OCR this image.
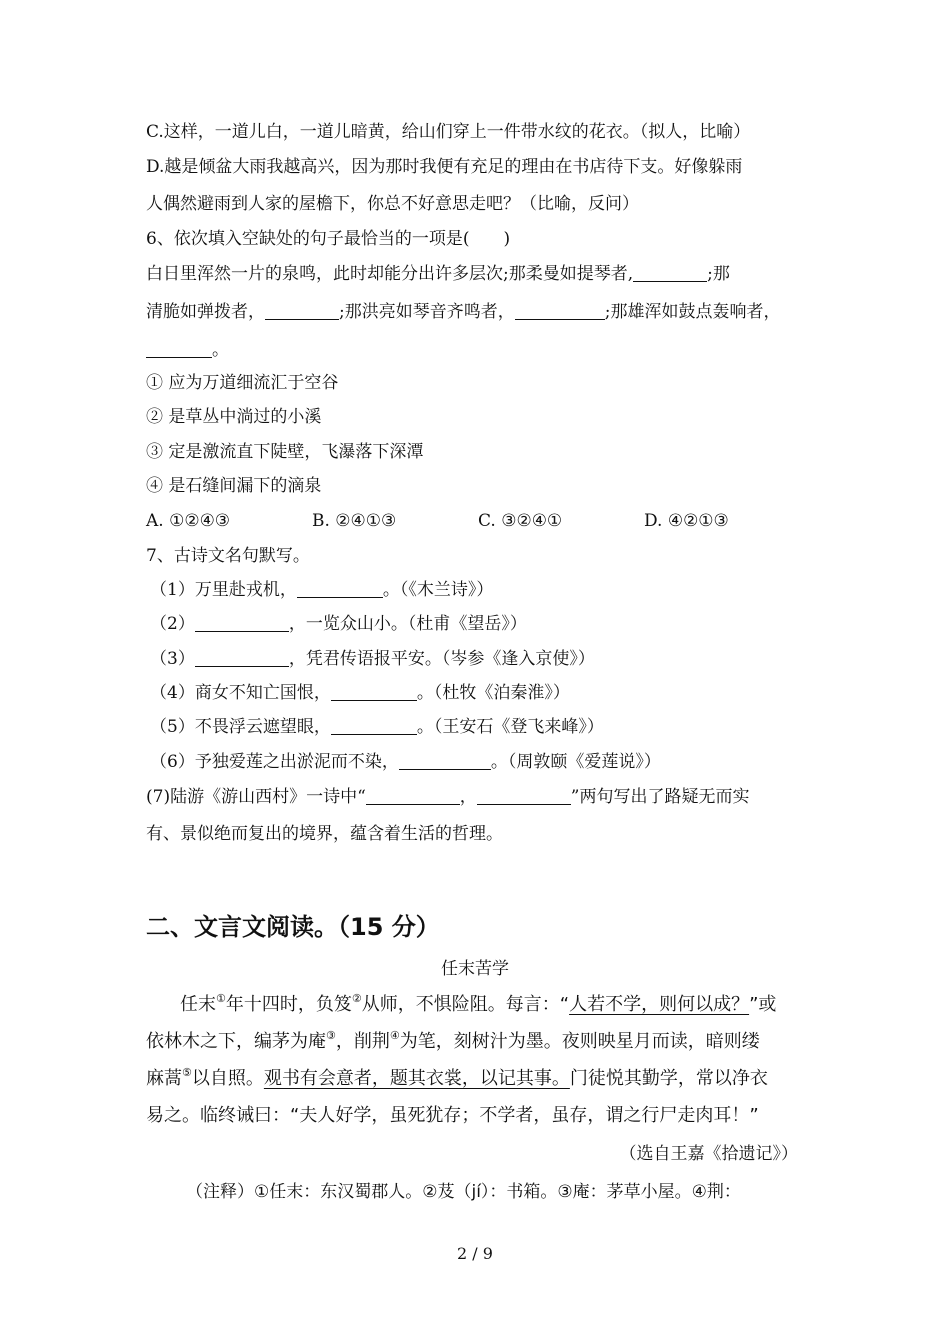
C.这样，一道儿白，一道儿暗黄，给山们穿上一件带水纹的花衣。（拟人，比喻）
D.越是倾盆大雨我越高兴，因为那时我便有充足的理由在书店待下支。好像躲雨
人偶然避雨到人家的屋檐下，你总不好意思走吧？（比喻，反问）
6、依次填入空缺处的句子最恰当的一项是(　　)
白日里浑然一片的泉鸣，此时却能分出许多层次;那柔曼如提琴者,	;那
清脆如弹拨者，	;那洪亮如琴音齐鸣者，	;那雄浑如鼓点轰响者，
。
① 应为万道细流汇于空谷
② 是草丛中淌过的小溪
③ 定是激流直下陡壁，飞瀑落下深潭
④ 是石缝间漏下的滴泉
A. ①②④③	B. ②④①③	C. ③②④①	D. ④②①③
7、古诗文名句默写。
（1）万里赴戎机，	。（《木兰诗》）
（2）	，一览众山小。（杜甫《望岳》）
（3）	，凭君传语报平安。（岑参《逢入京使》）
（4）商女不知亡国恨，	。（杜牧《泊秦淮》）
（5）不畏浮云遮望眼，	。（王安石《登飞来峰》）
（6）予独爱莲之出淤泥而不染，	。（周敦颐《爱莲说》）
(7)陆游《游山西村》一诗中“	，	”两句写出了路疑无而实
有、景似绝而复出的境界，蕴含着生活的哲理。
二、文言文阅读。（15 分）
任末苦学
任末①年十四时，负笈②从师，不惧险阻。每言：“人若不学，则何以成？”或
依林木之下，编茅为庵③，削荆④为笔，刻树汁为墨。夜则映星月而读，暗则缕
麻蒿⑤以自照。观书有会意者，题其衣裳，以记其事。门徒悦其勤学，常以净衣
易之。临终诫曰：“夫人好学，虽死犹存；不学者，虽存，谓之行尸走肉耳！”
（选自王嘉《拾遗记》）
（注释）①任末：东汉蜀郡人。②芨（jí）：书箱。③庵：茅草小屋。④荆：
2 / 9
